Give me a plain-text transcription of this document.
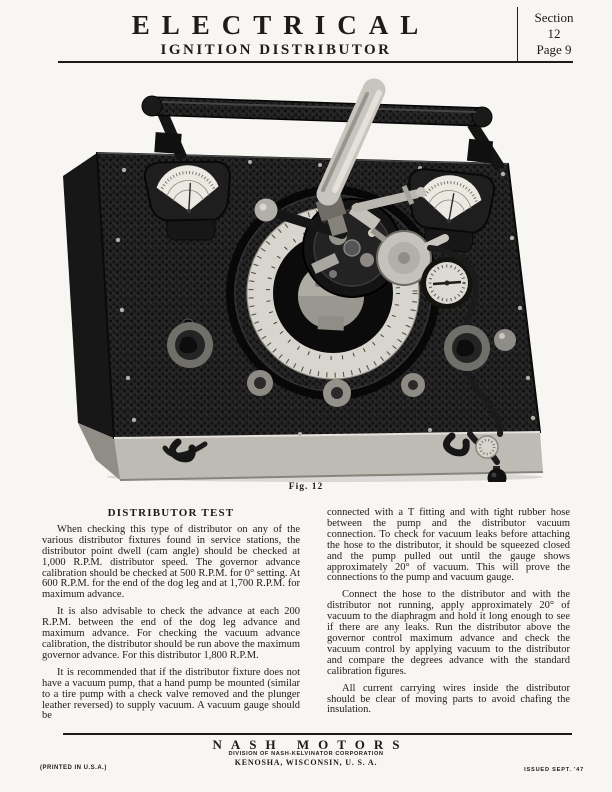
ELECTRICAL
IGNITION DISTRIBUTOR
Section
12
Page 9
Fig. 12
DISTRIBUTOR TEST

When checking this type of distributor on any of the various distributor fixtures found in service stations, the distributor point dwell (cam angle) should be checked at 1,000 R.P.M. distributor speed. The governor advance calibration should be checked at 500 R.P.M. for 0° setting. At 600 R.P.M. for the end of the dog leg and at 1,700 R.P.M. for maximum advance.

It is also advisable to check the advance at each 200 R.P.M. between the end of the dog leg advance and maximum advance. For checking the vacuum advance calibration, the distributor should be run above the maximum governor advance. For this distributor 1,800 R.P.M.

It is recommended that if the distributor fixture does not have a vacuum pump, that a hand pump be mounted (similar to a tire pump with a check valve removed and the plunger leather reversed) to supply vacuum. A vacuum gauge should be

connected with a T fitting and with tight rubber hose between the pump and the distributor vacuum connection. To check for vacuum leaks before attaching the hose to the distributor, it should be squeezed closed and the pump pulled out until the gauge shows approximately 20° of vacuum. This will prove the connections to the pump and vacuum gauge.

Connect the hose to the distributor and with the distributor not running, apply approximately 20° of vacuum to the diaphragm and hold it long enough to see if there are any leaks. Run the distributor above the governor control maximum advance and check the vacuum control by applying vacuum to the distributor and compare the degrees advance with the standard calibration figures.

All current carrying wires inside the distributor should be clear of moving parts to avoid chafing the insulation.

NASH MOTORS
DIVISION OF NASH-KELVINATOR CORPORATION
KENOSHA, WISCONSIN, U. S. A.
(PRINTED IN U.S.A.)	ISSUED SEPT. '47
